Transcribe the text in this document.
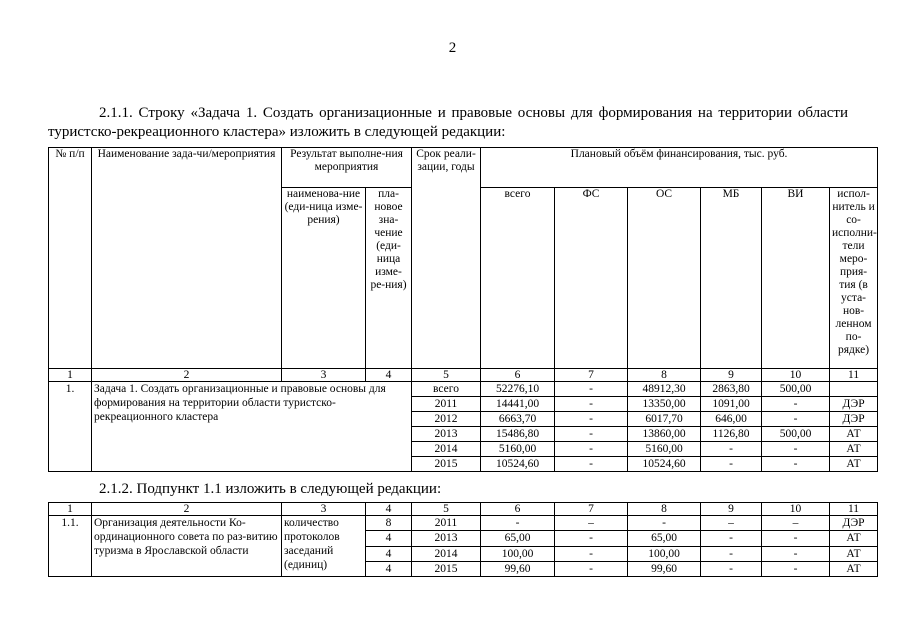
2
2.1.1. Строку «Задача 1. Создать организационные и правовые основы для формирования на территории области туристско-рекреационного кластера» изложить в следующей редакции:
№ п/п	Наименование зада-чи/мероприятия	Результат выполне-ния мероприятия		Срок реали-зации, годы	Плановый объём финансирования, тыс. руб.					
		наименова-ние (еди-ница изме-рения)	пла-новое зна-чение (еди-ница изме-ре-ния)		всего	ФС	ОС	МБ	ВИ	испол-нитель и со-исполни-тели меро-прия-тия (в уста-нов-ленном по-рядке)
1	2	3	4	5	6	7	8	9	10	11
1.	Задача 1. Создать организационные и правовые основы для формирования на территории области туристско-рекреационного кластера			всего	52276,10	-	48912,30	2863,80	500,00	
				2011	14441,00	-	13350,00	1091,00	-	ДЭР
				2012	6663,70	-	6017,70	646,00	-	ДЭР
				2013	15486,80	-	13860,00	1126,80	500,00	АТ
				2014	5160,00	-	5160,00	-	-	АТ
				2015	10524,60	-	10524,60	-	-	АТ
2.1.2. Подпункт 1.1 изложить в следующей редакции:
1	2	3	4	5	6	7	8	9	10	11
1.1.	Организация деятельности Ко-ординационного совета по раз-витию туризма в Ярославской области	количество протоколов заседаний (единиц)	8	2011	-	–	-	–	–	ДЭР
			4	2013	65,00	-	65,00	-	-	АТ
			4	2014	100,00	-	100,00	-	-	АТ
			4	2015	99,60	-	99,60	-	-	АТ
